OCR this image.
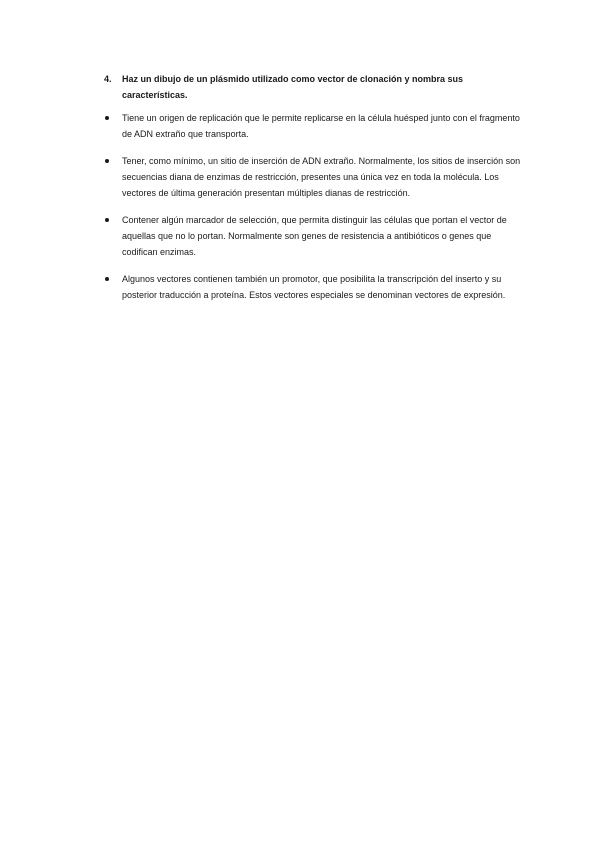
4.	Haz un dibujo de un plásmido utilizado como vector de clonación y nombra sus características.
Tiene un origen de replicación que le permite replicarse en la célula huésped junto con el fragmento de ADN extraño que transporta.
Tener, como mínimo, un sitio de inserción de ADN extraño. Normalmente, los sitios de inserción son secuencias diana de enzimas de restricción, presentes una única vez en toda la molécula. Los vectores de última generación presentan múltiples dianas de restricción.
Contener algún marcador de selección, que permita distinguir las células que portan el vector de aquellas que no lo portan. Normalmente son genes de resistencia a antibióticos o genes que codifican enzimas.
Algunos vectores contienen también un promotor, que posibilita la transcripción del inserto y su posterior traducción a proteína. Estos vectores especiales se denominan vectores de expresión.
